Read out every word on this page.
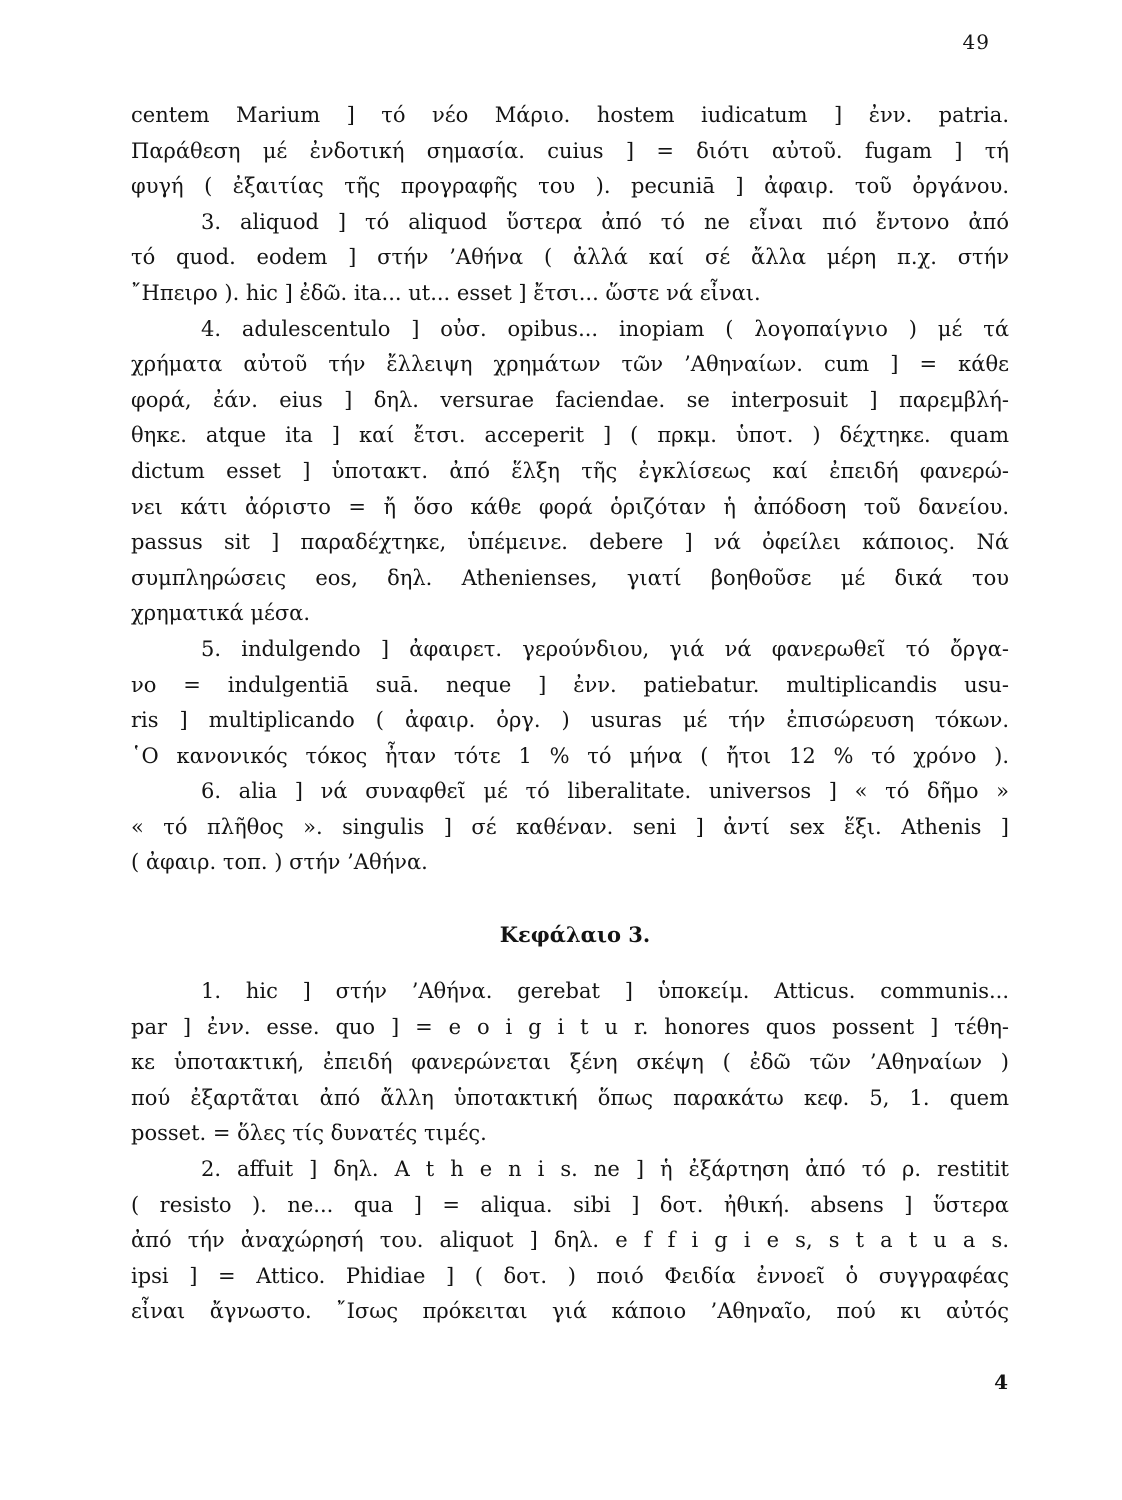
49
centem Marium ] τό νέο Μάριο. hostem iudicatum ] ἐνν. patria.
Παράθεση μέ ἐνδοτική σημασία. cuius ] = διότι αὐτοῦ. fugam ] τή
φυγή ( ἐξαιτίας τῆς προγραφῆς του ). pecuniā ] ἀφαιρ. τοῦ ὀργάνου.
3. aliquod ] τό aliquod ὕστερα ἀπό τό ne εἶναι πιό ἔντονο ἀπό
τό quod. eodem ] στήν ’Αθήνα ( ἀλλά καί σέ ἄλλα μέρη π.χ. στήν
῎Ηπειρο ). hic ] ἐδῶ. ita... ut... esset ] ἔτσι... ὥστε νά εἶναι.
4. adulescentulo ] οὐσ. opibus... inopiam ( λογοπαίγνιο ) μέ τά
χρήματα αὐτοῦ τήν ἔλλειψη χρημάτων τῶν ’Αθηναίων. cum ] = κάθε
φορά, ἐάν. eius ] δηλ. versurae faciendae. se interposuit ] παρεμβλή-
θηκε. atque ita ] καί ἔτσι. acceperit ] ( πρκμ. ὑποτ. ) δέχτηκε. quam
dictum esset ] ὑποτακτ. ἀπό ἕλξη τῆς ἐγκλίσεως καί ἐπειδή φανερώ-
νει κάτι ἀόριστο = ἤ ὅσο κάθε φορά ὁριζόταν ἡ ἀπόδοση τοῦ δανείου.
passus sit ] παραδέχτηκε, ὑπέμεινε. debere ] νά ὀφείλει κάποιος. Νά
συμπληρώσεις eos, δηλ. Athenienses, γιατί βοηθοῦσε μέ δικά του
χρηματικά μέσα.
5. indulgendo ] ἀφαιρετ. γερούνδιου, γιά νά φανερωθεῖ τό ὄργα-
νο = indulgentiā suā. neque ] ἐνν. patiebatur. multiplicandis usu-
ris ] multiplicando ( ἀφαιρ. ὀργ. ) usuras μέ τήν ἐπισώρευση τόκων.
῾Ο κανονικός τόκος ἦταν τότε 1 % τό μήνα ( ἤτοι 12 % τό χρόνο ).
6. alia ] νά συναφθεῖ μέ τό liberalitate. universos ] « τό δῆμο »
« τό πλῆθος ». singulis ] σέ καθέναν. seni ] ἀντί sex ἕξι. Athenis ]
( ἀφαιρ. τοπ. ) στήν ’Αθήνα.
Κεφάλαιο 3.
1. hic ] στήν ’Αθήνα. gerebat ] ὑποκείμ. Atticus. communis...
par ] ἐνν. esse. quo ] = e o i g i t u r. honores quos possent ] τέθη-
κε ὑποτακτική, ἐπειδή φανερώνεται ξένη σκέψη ( ἐδῶ τῶν ’Αθηναίων )
πού ἐξαρτᾶται ἀπό ἄλλη ὑποτακτική ὅπως παρακάτω κεφ. 5, 1. quem
posset. = ὅλες τίς δυνατές τιμές.
2. affuit ] δηλ. A t h e n i s. ne ] ἡ ἐξάρτηση ἀπό τό ρ. restitit
( resisto ). ne... qua ] = aliqua. sibi ] δοτ. ἠθική. absens ] ὕστερα
ἀπό τήν ἀναχώρησή του. aliquot ] δηλ. e f f i g i e s, s t a t u a s.
ipsi ] = Attico. Phidiae ] ( δοτ. ) ποιό Φειδία ἐννοεῖ ὁ συγγραφέας
εἶναι ἄγνωστο. ῎Ισως πρόκειται γιά κάποιο ’Αθηναῖο, πού κι αὐτός
4
